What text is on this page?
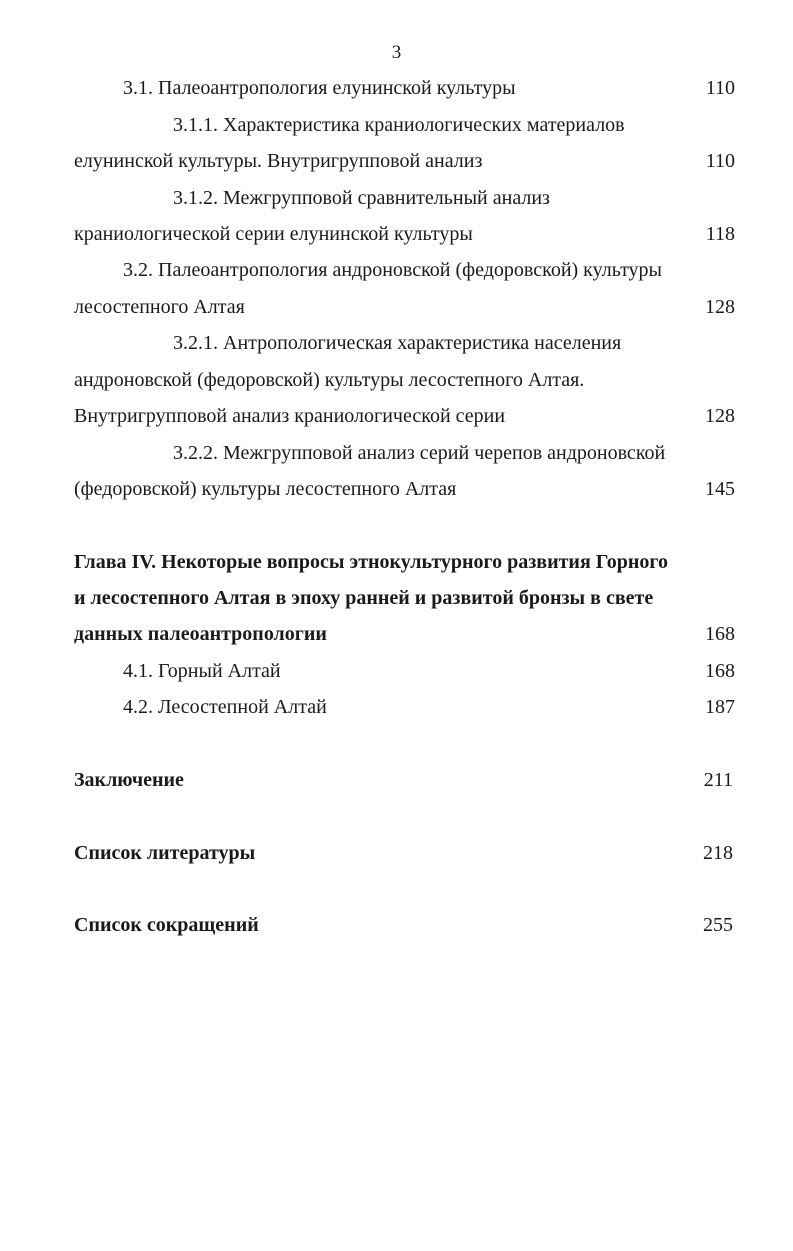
3
3.1. Палеоантропология елунинской культуры	110
3.1.1. Характеристика краниологических материалов
елунинской культуры. Внутригрупповой анализ	110
3.1.2. Межгрупповой сравнительный анализ
краниологической серии елунинской культуры	118
3.2. Палеоантропология андроновской (федоровской) культуры
лесостепного Алтая	128
3.2.1. Антропологическая характеристика населения
андроновской (федоровской) культуры лесостепного Алтая.
Внутригрупповой анализ краниологической серии	128
3.2.2. Межгрупповой анализ серий черепов андроновской
(федоровской) культуры лесостепного Алтая	145
Глава IV. Некоторые вопросы этнокультурного развития Горного
и лесостепного Алтая в эпоху ранней и развитой бронзы в свете
данных палеоантропологии	168
4.1. Горный Алтай	168
4.2. Лесостепной Алтай	187
Заключение	211
Список литературы	218
Список сокращений	255
